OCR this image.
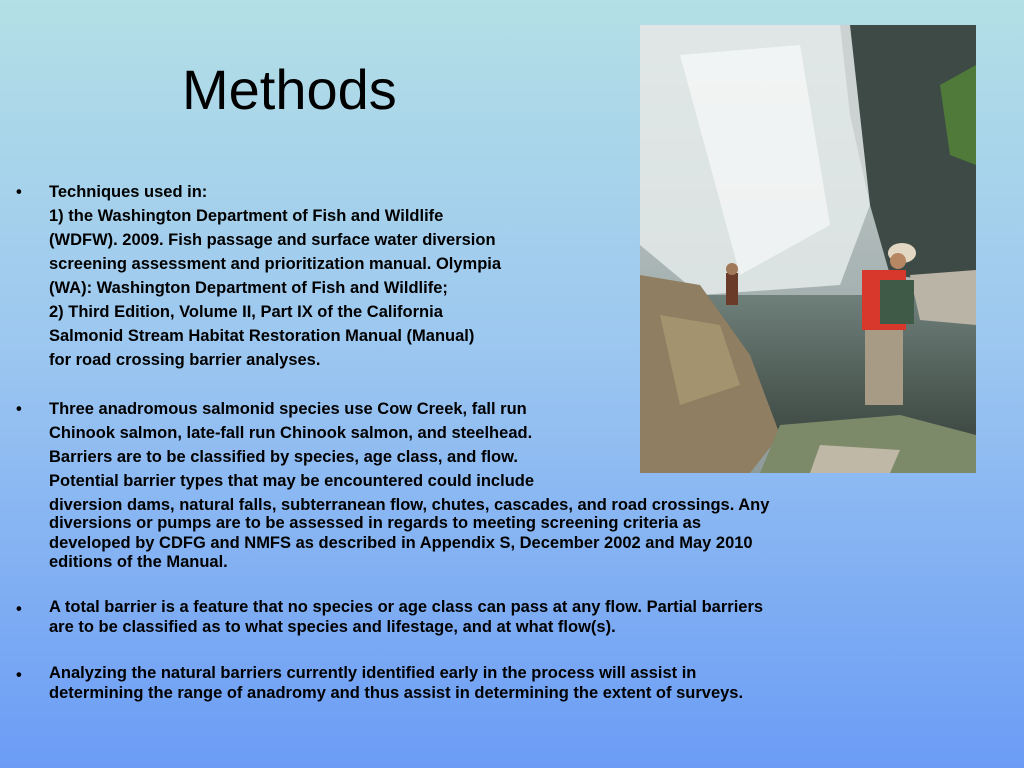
Methods
• Techniques used in:
1) the Washington Department of Fish and Wildlife
(WDFW). 2009. Fish passage and surface water diversion
screening assessment and prioritization manual. Olympia
(WA): Washington Department of Fish and Wildlife;
2) Third Edition, Volume II, Part IX of the California
Salmonid Stream Habitat Restoration Manual (Manual)
for road crossing barrier analyses.
• Three anadromous salmonid species use Cow Creek, fall run
Chinook salmon, late-fall run Chinook salmon, and steelhead.
Barriers are to be classified by species, age class, and flow.
Potential barrier types that may be encountered could include
diversion dams, natural falls, subterranean flow, chutes, cascades, and road crossings. Any
diversions or pumps are to be assessed in regards to meeting screening criteria as
developed by CDFG and NMFS as described in Appendix S, December 2002 and May 2010
editions of the Manual.
• A total barrier is a feature that no species or age class can pass at any flow. Partial barriers
are to be classified as to what species and lifestage, and at what flow(s).
• Analyzing the natural barriers currently identified early in the process will assist in
determining the range of anadromy and thus assist in determining the extent of surveys.
